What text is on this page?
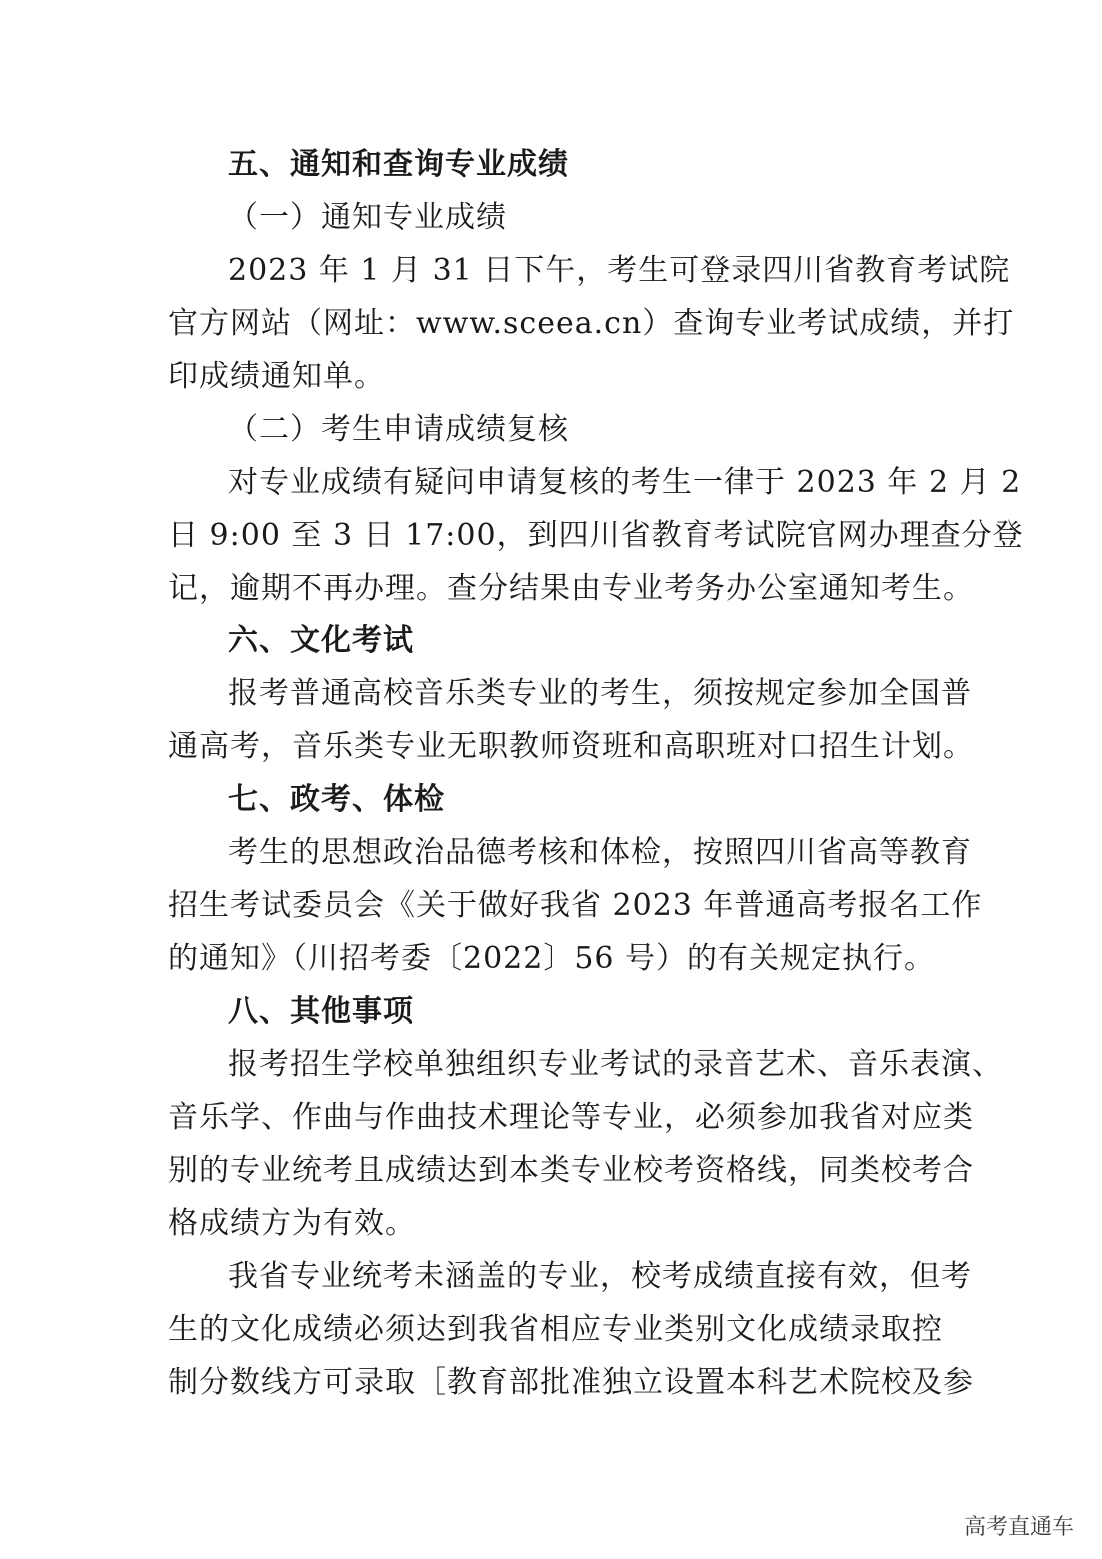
五、通知和查询专业成绩
（一）通知专业成绩
2023 年 1 月 31 日下午，考生可登录四川省教育考试院
官方网站（网址：www.sceea.cn）查询专业考试成绩，并打
印成绩通知单。
（二）考生申请成绩复核
对专业成绩有疑问申请复核的考生一律于 2023 年 2 月 2
日 9:00 至 3 日 17:00，到四川省教育考试院官网办理查分登
记，逾期不再办理。查分结果由专业考务办公室通知考生。
六、文化考试
报考普通高校音乐类专业的考生，须按规定参加全国普
通高考，音乐类专业无职教师资班和高职班对口招生计划。
七、政考、体检
考生的思想政治品德考核和体检，按照四川省高等教育
招生考试委员会《关于做好我省 2023 年普通高考报名工作
的通知》（川招考委〔2022〕56 号）的有关规定执行。
八、其他事项
报考招生学校单独组织专业考试的录音艺术、音乐表演、
音乐学、作曲与作曲技术理论等专业，必须参加我省对应类
别的专业统考且成绩达到本类专业校考资格线，同类校考合
格成绩方为有效。
我省专业统考未涵盖的专业，校考成绩直接有效，但考
生的文化成绩必须达到我省相应专业类别文化成绩录取控
制分数线方可录取［教育部批准独立设置本科艺术院校及参
高考直通车
